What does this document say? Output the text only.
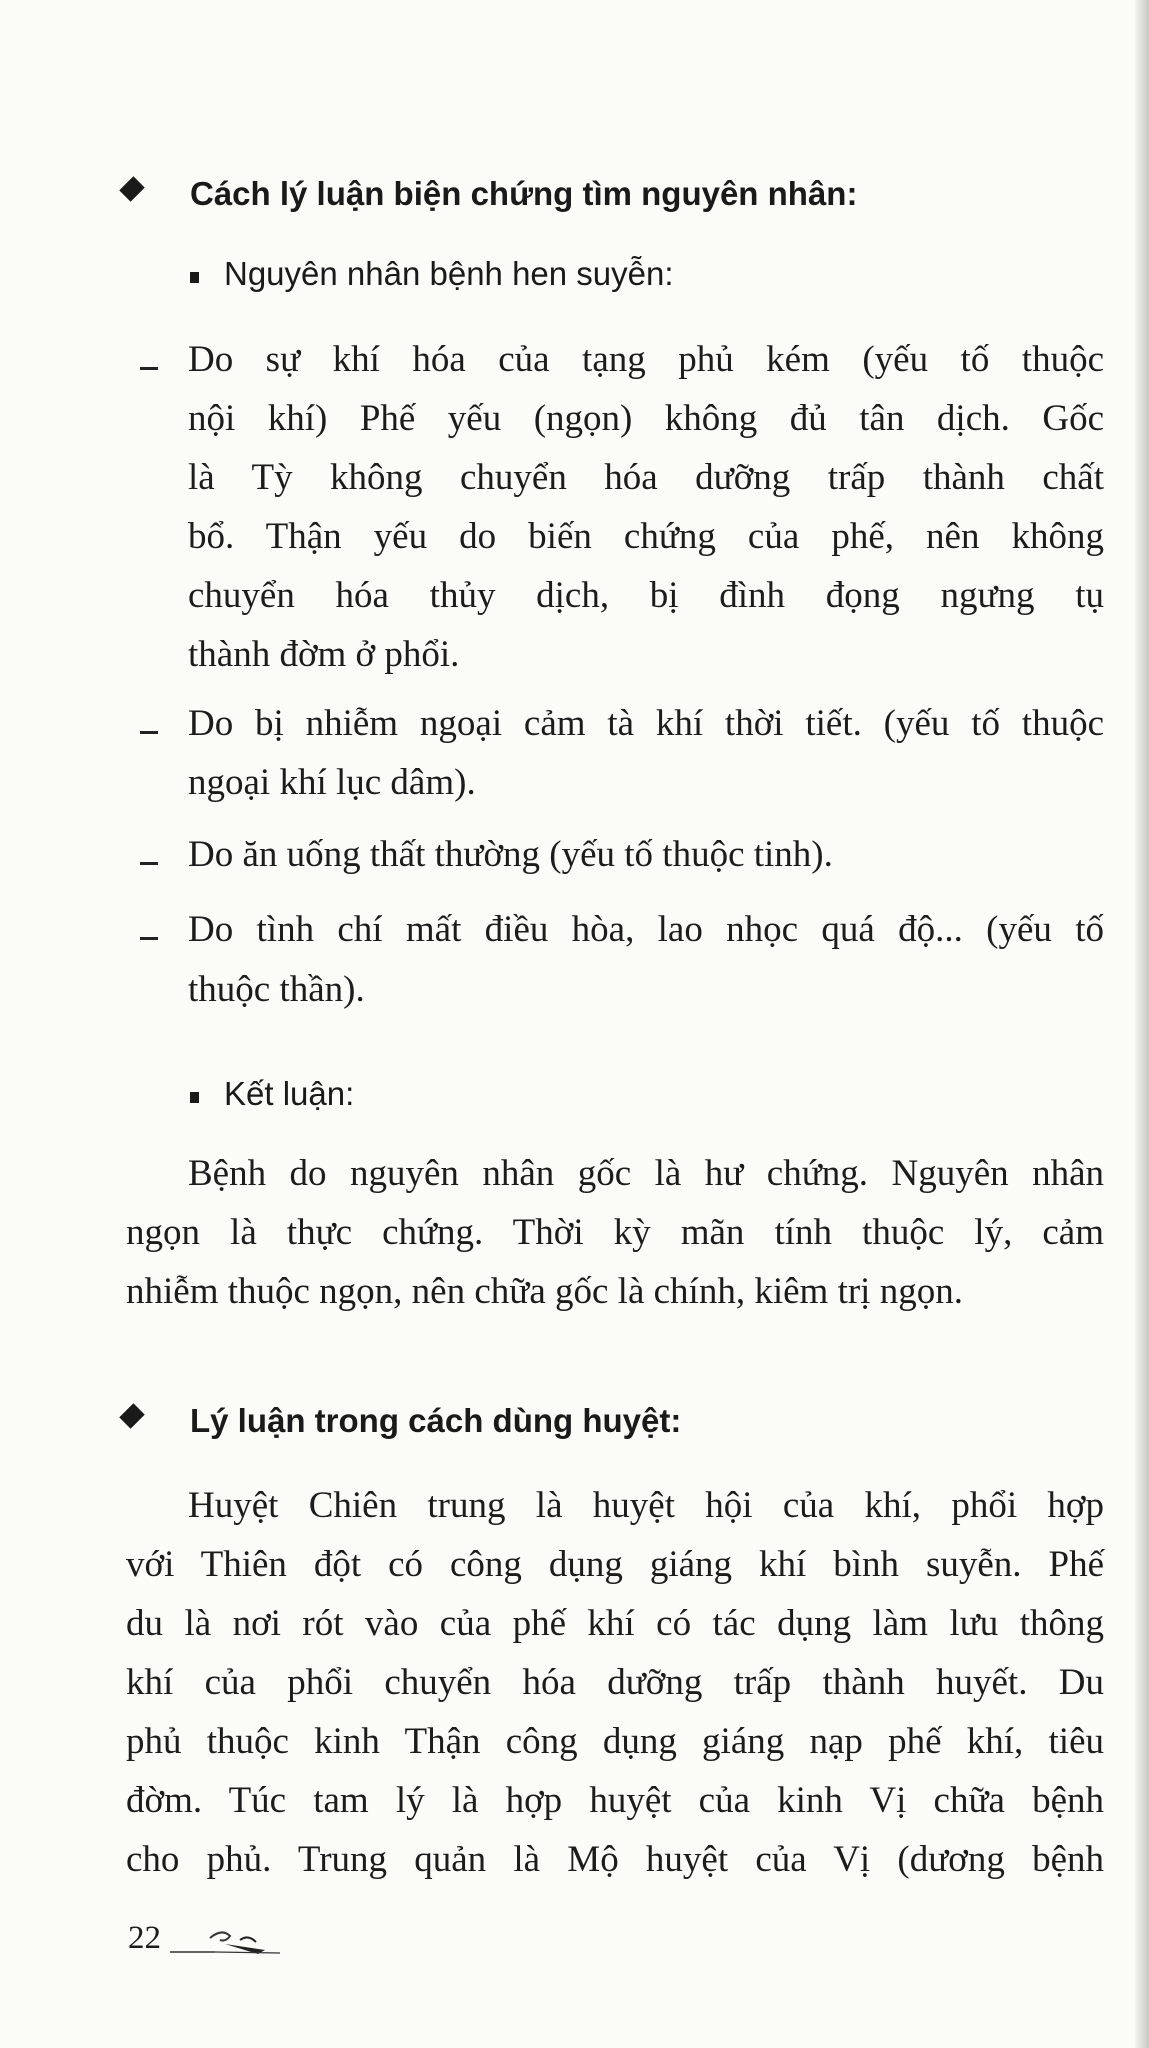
Cách lý luận biện chứng tìm nguyên nhân:
Nguyên nhân bệnh hen suyễn:
Do sự khí hóa của tạng phủ kém (yếu tố thuộc
nội khí) Phế yếu (ngọn) không đủ tân dịch. Gốc
là Tỳ không chuyển hóa dưỡng trấp thành chất
bổ. Thận yếu do biến chứng của phế, nên không
chuyển hóa thủy dịch, bị đình đọng ngưng tụ
thành đờm ở phổi.
Do bị nhiễm ngoại cảm tà khí thời tiết. (yếu tố thuộc
ngoại khí lục dâm).
Do ăn uống thất thường (yếu tố thuộc tinh).
Do tình chí mất điều hòa, lao nhọc quá độ... (yếu tố
thuộc thần).
Kết luận:
Bệnh do nguyên nhân gốc là hư chứng. Nguyên nhân
ngọn là thực chứng. Thời kỳ mãn tính thuộc lý, cảm
nhiễm thuộc ngọn, nên chữa gốc là chính, kiêm trị ngọn.
Lý luận trong cách dùng huyệt:
Huyệt Chiên trung là huyệt hội của khí, phổi hợp
với Thiên đột có công dụng giáng khí bình suyễn. Phế
du là nơi rót vào của phế khí có tác dụng làm lưu thông
khí của phổi chuyển hóa dưỡng trấp thành huyết. Du
phủ thuộc kinh Thận công dụng giáng nạp phế khí, tiêu
đờm. Túc tam lý là hợp huyệt của kinh Vị chữa bệnh
cho phủ. Trung quản là Mộ huyệt của Vị (dương bệnh
22
